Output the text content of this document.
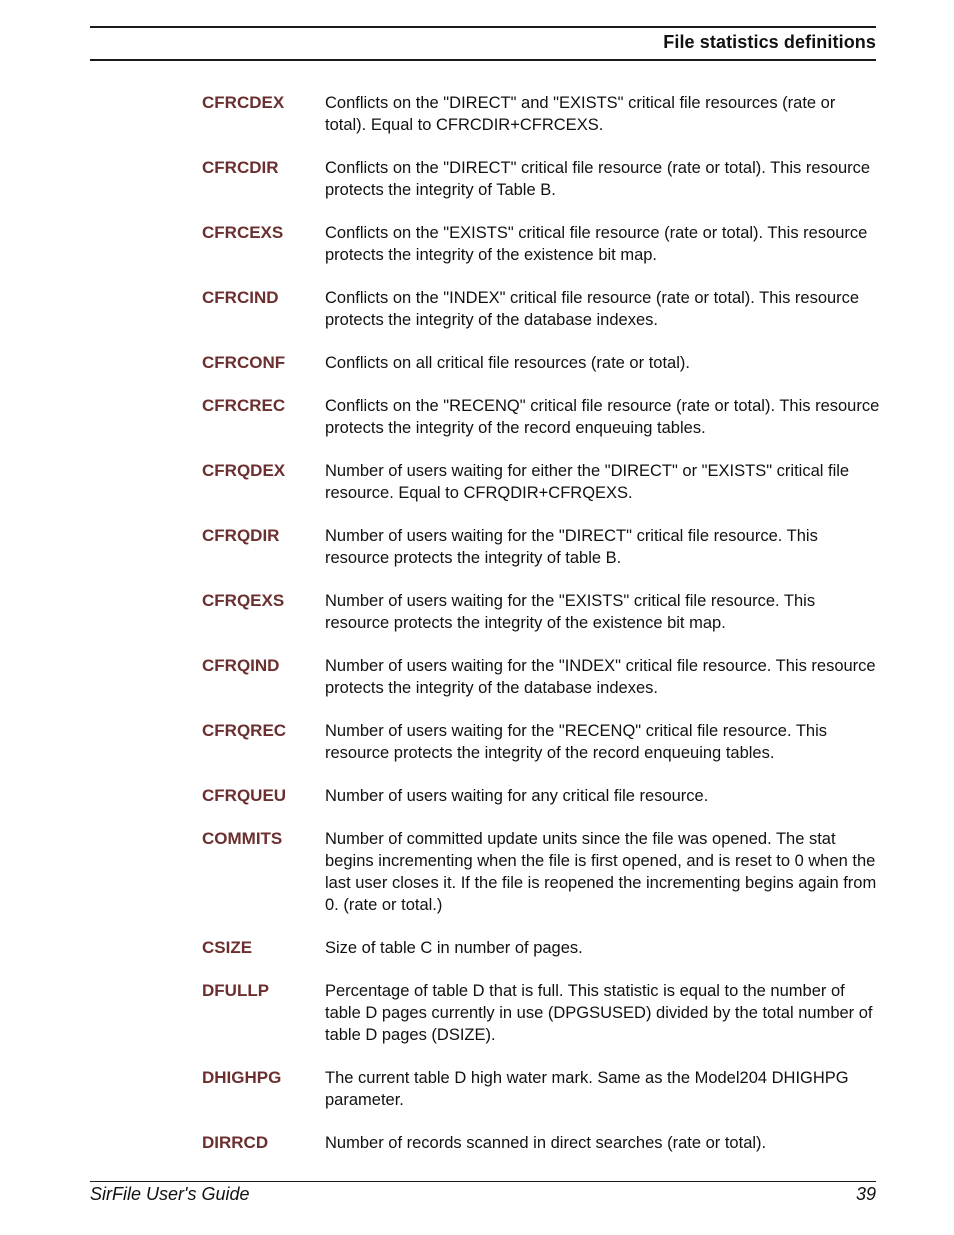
File statistics definitions
CFRCDEX	Conflicts on the "DIRECT" and "EXISTS" critical file resources (rate or total). Equal to CFRCDIR+CFRCEXS.
CFRCDIR	Conflicts on the "DIRECT" critical file resource (rate or total). This resource protects the integrity of Table B.
CFRCEXS	Conflicts on the "EXISTS" critical file resource (rate or total). This resource protects the integrity of the existence bit map.
CFRCIND	Conflicts on the "INDEX" critical file resource (rate or total). This resource protects the integrity of the database indexes.
CFRCONF	Conflicts on all critical file resources (rate or total).
CFRCREC	Conflicts on the "RECENQ" critical file resource (rate or total). This resource protects the integrity of the record enqueuing tables.
CFRQDEX	Number of users waiting for either the "DIRECT" or "EXISTS" critical file resource. Equal to CFRQDIR+CFRQEXS.
CFRQDIR	Number of users waiting for the "DIRECT" critical file resource. This resource protects the integrity of table B.
CFRQEXS	Number of users waiting for the "EXISTS" critical file resource. This resource protects the integrity of the existence bit map.
CFRQIND	Number of users waiting for the "INDEX" critical file resource. This resource protects the integrity of the database indexes.
CFRQREC	Number of users waiting for the "RECENQ" critical file resource. This resource protects the integrity of the record enqueuing tables.
CFRQUEU	Number of users waiting for any critical file resource.
COMMITS	Number of committed update units since the file was opened. The stat begins incrementing when the file is first opened, and is reset to 0 when the last user closes it. If the file is reopened the incrementing begins again from 0. (rate or total.)
CSIZE	Size of table C in number of pages.
DFULLP	Percentage of table D that is full. This statistic is equal to the number of table D pages currently in use (DPGSUSED) divided by the total number of table D pages (DSIZE).
DHIGHPG	The current table D high water mark. Same as the Model204 DHIGHPG parameter.
DIRRCD	Number of records scanned in direct searches (rate or total).
SirFile User's Guide	39
